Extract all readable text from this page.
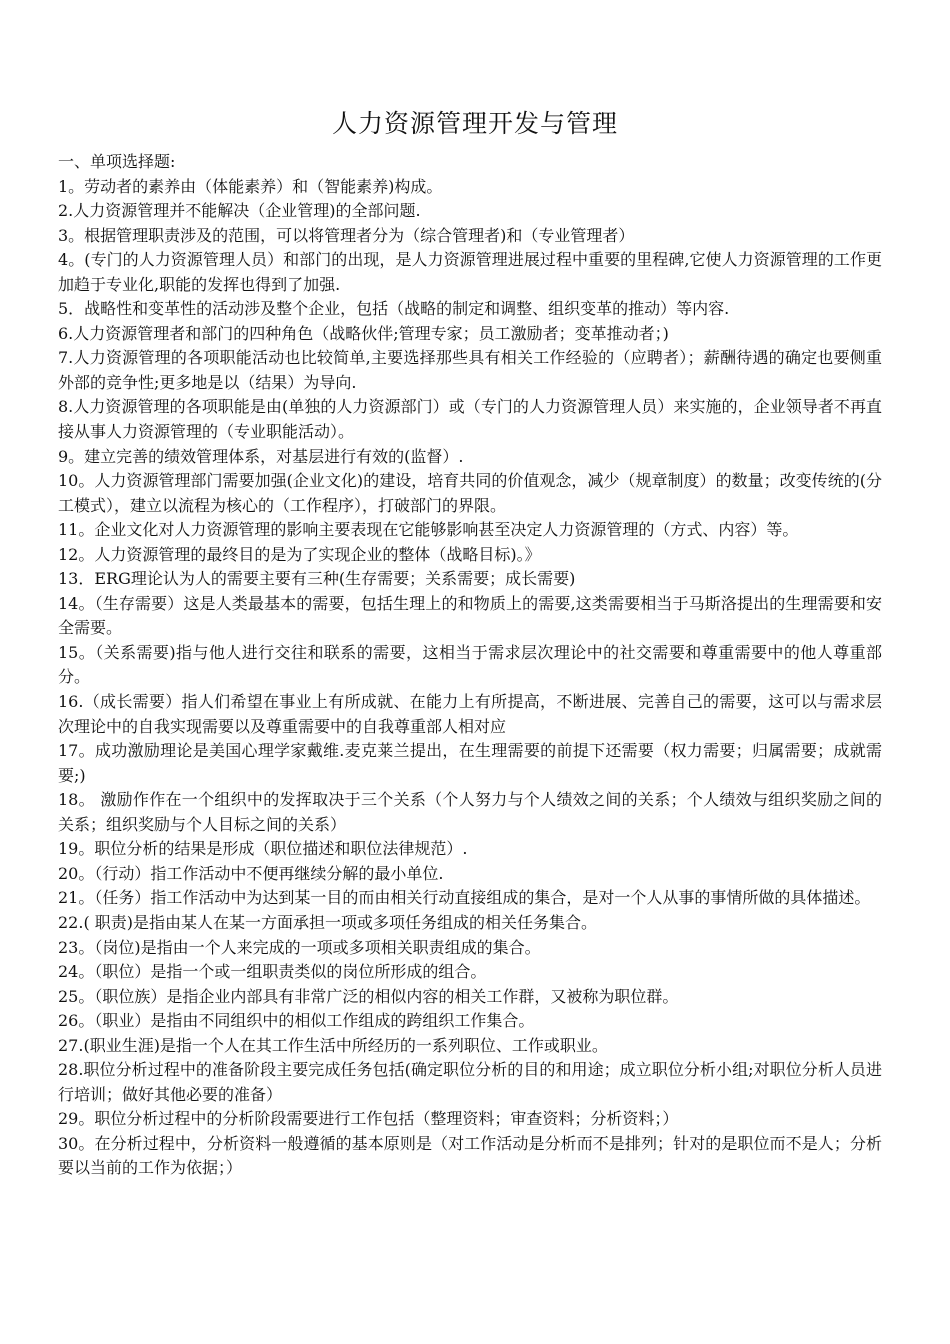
人力资源管理开发与管理

一、单项选择题:

1。劳动者的素养由（体能素养）和（智能素养)构成。

2.人力资源管理并不能解决（企业管理)的全部问题.

3。根据管理职责涉及的范围，可以将管理者分为（综合管理者)和（专业管理者）

4。(专门的人力资源管理人员）和部门的出现，是人力资源管理进展过程中重要的里程碑,它使人力资源管理的工作更加趋于专业化,职能的发挥也得到了加强.

5．战略性和变革性的活动涉及整个企业，包括（战略的制定和调整、组织变革的推动）等内容.

6.人力资源管理者和部门的四种角色（战略伙伴;管理专家；员工激励者；变革推动者；)

7.人力资源管理的各项职能活动也比较简单,主要选择那些具有相关工作经验的（应聘者）；薪酬待遇的确定也要侧重外部的竞争性;更多地是以（结果）为导向.

8.人力资源管理的各项职能是由(单独的人力资源部门）或（专门的人力资源管理人员）来实施的，企业领导者不再直接从事人力资源管理的（专业职能活动）。

9。建立完善的绩效管理体系，对基层进行有效的(监督）.

10。人力资源管理部门需要加强(企业文化)的建设，培育共同的价值观念，减少（规章制度）的数量；改变传统的(分工模式），建立以流程为核心的（工作程序），打破部门的界限。

11。企业文化对人力资源管理的影响主要表现在它能够影响甚至决定人力资源管理的（方式、内容）等。

12。人力资源管理的最终目的是为了实现企业的整体（战略目标)。》

13．ERG理论认为人的需要主要有三种(生存需要；关系需要；成长需要)

14。（生存需要）这是人类最基本的需要，包括生理上的和物质上的需要,这类需要相当于马斯洛提出的生理需要和安全需要。

15。（关系需要)指与他人进行交往和联系的需要，这相当于需求层次理论中的社交需要和尊重需要中的他人尊重部分。

16.（成长需要）指人们希望在事业上有所成就、在能力上有所提高，不断进展、完善自己的需要，这可以与需求层次理论中的自我实现需要以及尊重需要中的自我尊重部人相对应

17。成功激励理论是美国心理学家戴维.麦克莱兰提出，在生理需要的前提下还需要（权力需要；归属需要；成就需要;)

18。 激励作作在一个组织中的发挥取决于三个关系（个人努力与个人绩效之间的关系；个人绩效与组织奖励之间的关系；组织奖励与个人目标之间的关系）

19。职位分析的结果是形成（职位描述和职位法律规范）.

20。（行动）指工作活动中不便再继续分解的最小单位.

21。（任务）指工作活动中为达到某一目的而由相关行动直接组成的集合，是对一个人从事的事情所做的具体描述。

22.( 职责)是指由某人在某一方面承担一项或多项任务组成的相关任务集合。

23。（岗位)是指由一个人来完成的一项或多项相关职责组成的集合。

24。（职位）是指一个或一组职责类似的岗位所形成的组合。

25。（职位族）是指企业内部具有非常广泛的相似内容的相关工作群，又被称为职位群。

26。（职业）是指由不同组织中的相似工作组成的跨组织工作集合。

27.(职业生涯)是指一个人在其工作生活中所经历的一系列职位、工作或职业。

28.职位分析过程中的准备阶段主要完成任务包括(确定职位分析的目的和用途；成立职位分析小组;对职位分析人员进行培训；做好其他必要的准备）

29。职位分析过程中的分析阶段需要进行工作包括（整理资料；审查资料；分析资料；）

30。在分析过程中，分析资料一般遵循的基本原则是（对工作活动是分析而不是排列；针对的是职位而不是人；分析要以当前的工作为依据；）
